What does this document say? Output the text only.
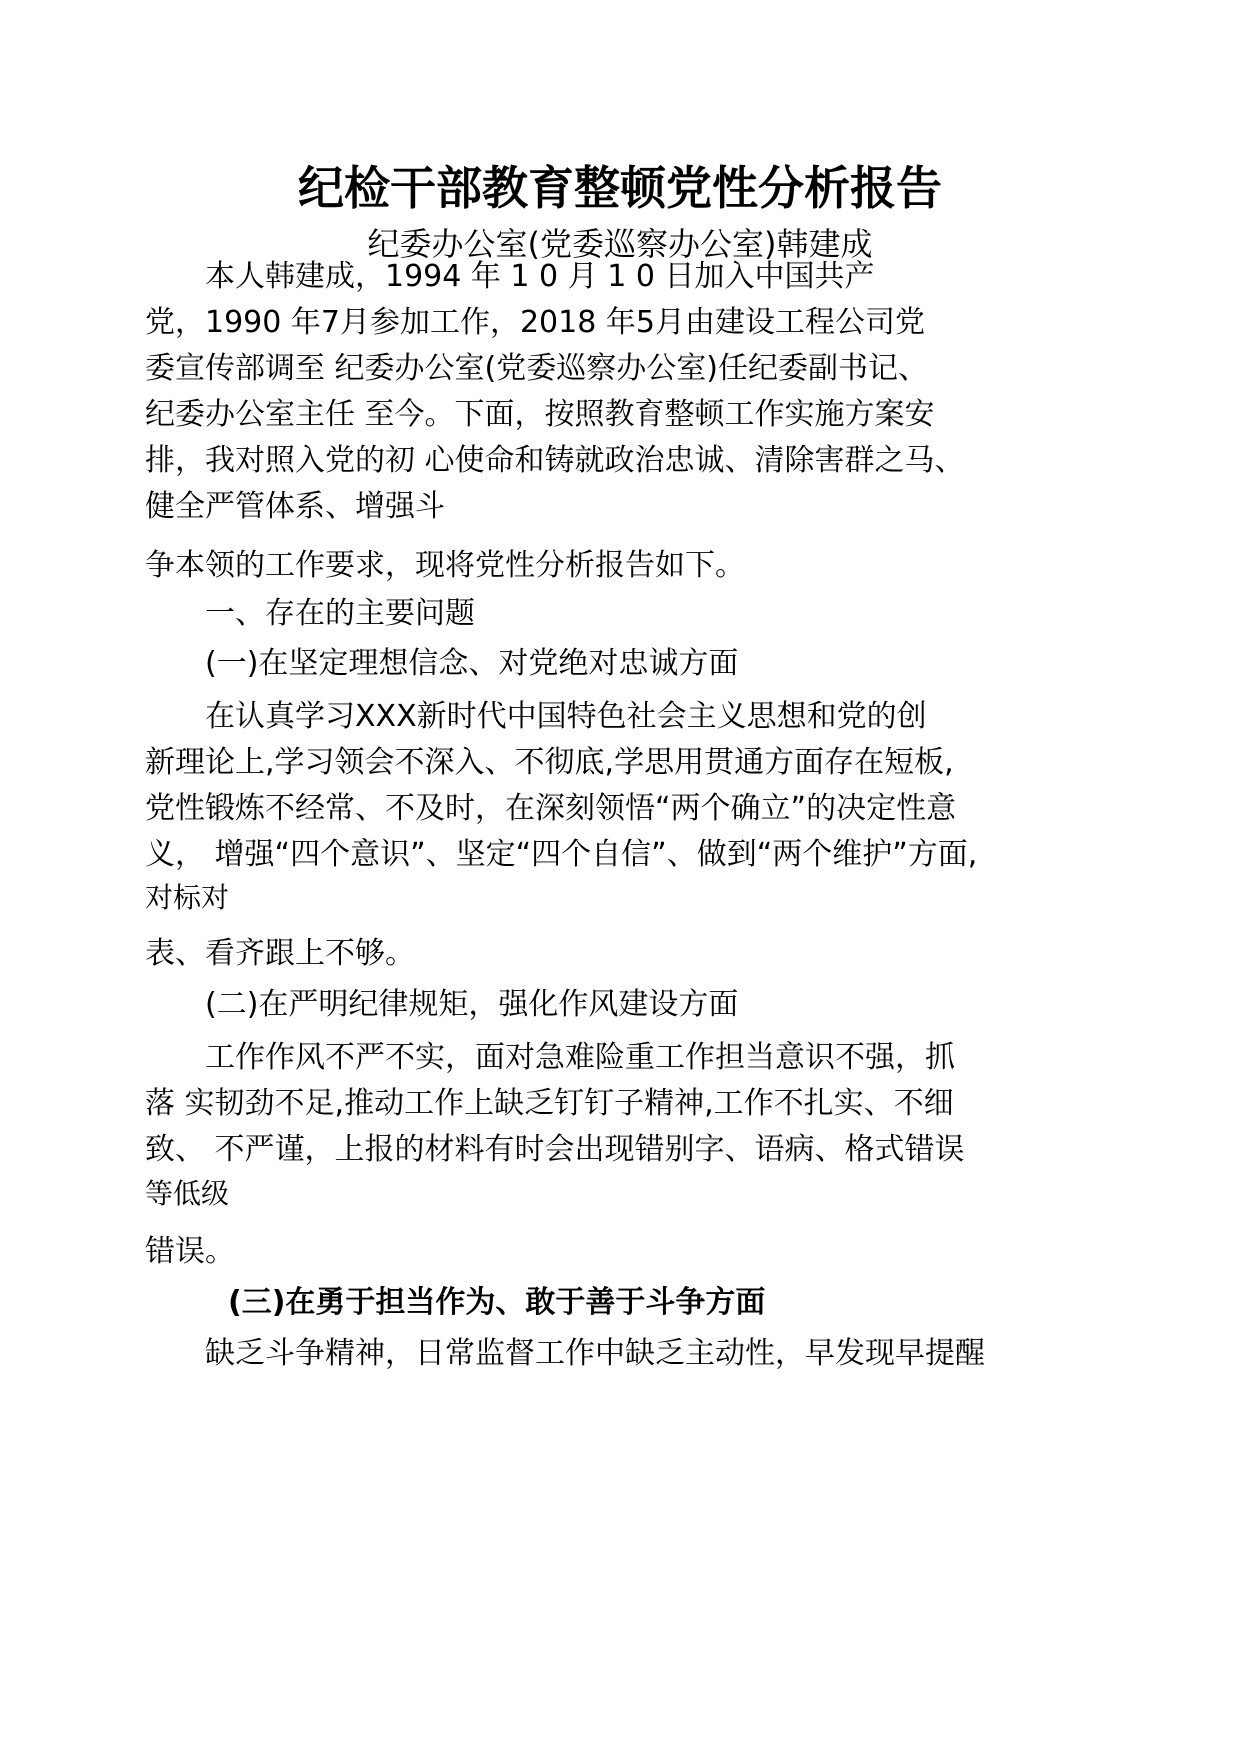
纪检干部教育整顿党性分析报告
纪委办公室(党委巡察办公室)韩建成
本人韩建成，1994 年 1 0 月 1 0 日加入中国共产
党，1990 年7月参加工作，2018 年5月由建设工程公司党
委宣传部调至 纪委办公室(党委巡察办公室)任纪委副书记、
纪委办公室主任 至今。下面，按照教育整顿工作实施方案安
排，我对照入党的初 心使命和铸就政治忠诚、清除害群之马、
健全严管体系、增强斗
争本领的工作要求，现将党性分析报告如下。
一、存在的主要问题
(一)在坚定理想信念、对党绝对忠诚方面
在认真学习XXX新时代中国特色社会主义思想和党的创
新理论上,学习领会不深入、不彻底,学思用贯通方面存在短板,
党性锻炼不经常、不及时，在深刻领悟“两个确立”的决定性意
义， 增强“四个意识”、坚定“四个自信”、做到“两个维护”方面,
对标对
表、看齐跟上不够。
(二)在严明纪律规矩，强化作风建设方面
工作作风不严不实，面对急难险重工作担当意识不强，抓
落 实韧劲不足,推动工作上缺乏钉钉子精神,工作不扎实、不细
致、 不严谨，上报的材料有时会出现错别字、语病、格式错误
等低级
错误。
(三)在勇于担当作为、敢于善于斗争方面
缺乏斗争精神，日常监督工作中缺乏主动性，早发现早提醒
